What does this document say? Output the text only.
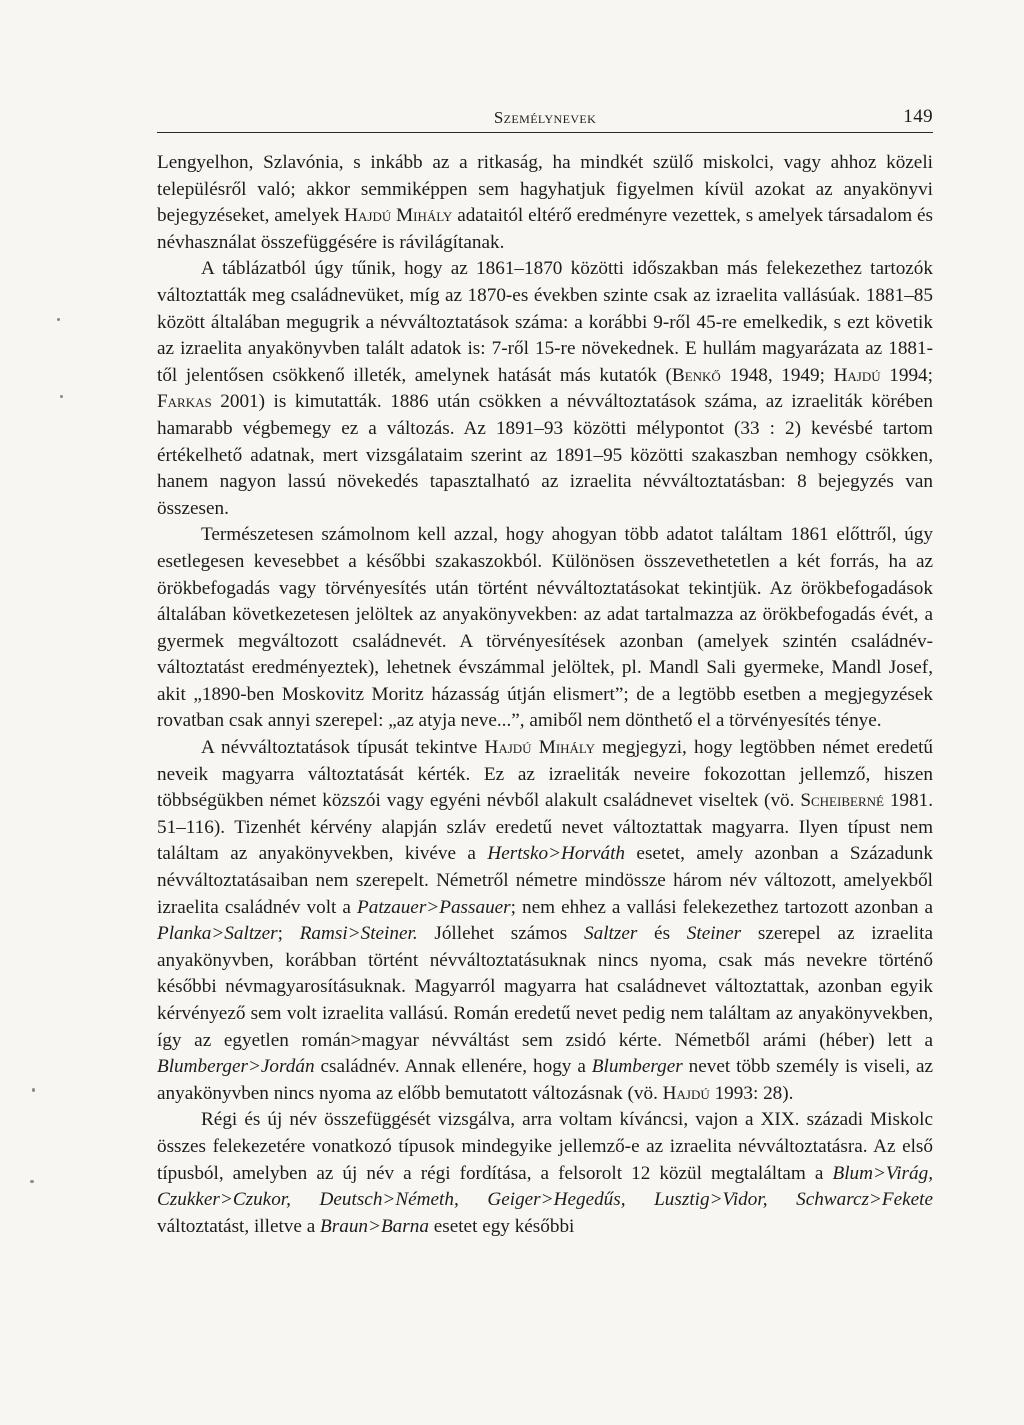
Személynevek	149

Lengyelhon, Szlavónia, s inkább az a ritkaság, ha mindkét szülő miskolci, vagy ahhoz közeli településről való; akkor semmiképpen sem hagyhatjuk figyelmen kívül azokat az anyakönyvi bejegyzéseket, amelyek Hajdú Mihály adataitól eltérő eredményre vezettek, s amelyek társadalom és névhasználat összefüggésére is rávilágítanak.

A táblázatból úgy tűnik, hogy az 1861–1870 közötti időszakban más felekezethez tartozók változtatták meg családnevüket, míg az 1870-es években szinte csak az izraelita vallásúak. 1881–85 között általában megugrik a névváltoztatások száma: a korábbi 9-ről 45-re emelkedik, s ezt követik az izraelita anyakönyvben talált adatok is: 7-ről 15-re növekednek. E hullám magyarázata az 1881-től jelentősen csökkenő illeték, amelynek hatását más kutatók (Benkő 1948, 1949; Hajdú 1994; Farkas 2001) is kimutatták. 1886 után csökken a névváltoztatások száma, az izraeliták körében hamarabb végbemegy ez a változás. Az 1891–93 közötti mélypontot (33 : 2) kevésbé tartom értékelhető adatnak, mert vizsgálataim szerint az 1891–95 közötti szakaszban nemhogy csökken, hanem nagyon lassú növekedés tapasztalható az izraelita névváltoztatásban: 8 bejegyzés van összesen.

Természetesen számolnom kell azzal, hogy ahogyan több adatot találtam 1861 előttről, úgy esetlegesen kevesebbet a későbbi szakaszokból. Különösen összevethetetlen a két forrás, ha az örökbefogadás vagy törvényesítés után történt névváltoztatásokat tekintjük. Az örökbefogadások általában következetesen jelöltek az anyakönyvekben: az adat tartalmazza az örökbefogadás évét, a gyermek megváltozott családnevét. A törvényesítések azonban (amelyek szintén családnév-változtatást eredményeztek), lehetnek évszámmal jelöltek, pl. Mandl Sali gyermeke, Mandl Josef, akit „1890-ben Moskovitz Moritz házasság útján elismert”; de a legtöbb esetben a megjegyzések rovatban csak annyi szerepel: „az atyja neve...”, amiből nem dönthető el a törvényesítés ténye.

A névváltoztatások típusát tekintve Hajdú Mihály megjegyzi, hogy legtöbben német eredetű neveik magyarra változtatását kérték. Ez az izraeliták neveire fokozottan jellemző, hiszen többségükben német közszói vagy egyéni névből alakult családnevet viseltek (vö. Scheiberné 1981. 51–116). Tizenhét kérvény alapján szláv eredetű nevet változtattak magyarra. Ilyen típust nem találtam az anyakönyvekben, kivéve a Hertsko>Horváth esetet, amely azonban a Századunk névváltoztatásaiban nem szerepelt. Németről németre mindössze három név változott, amelyekből izraelita családnév volt a Patzauer>Passauer; nem ehhez a vallási felekezethez tartozott azonban a Planka>Saltzer; Ramsi>Steiner. Jóllehet számos Saltzer és Steiner szerepel az izraelita anyakönyvben, korábban történt névváltoztatásuknak nincs nyoma, csak más nevekre történő későbbi névmagyarosításuknak. Magyarról magyarra hat családnevet változtattak, azonban egyik kérvényező sem volt izraelita vallású. Román eredetű nevet pedig nem találtam az anyakönyvekben, így az egyetlen román>magyar névváltást sem zsidó kérte. Németből arámi (héber) lett a Blumberger>Jordán családnév. Annak ellenére, hogy a Blumberger nevet több személy is viseli, az anyakönyvben nincs nyoma az előbb bemutatott változásnak (vö. Hajdú 1993: 28).

Régi és új név összefüggését vizsgálva, arra voltam kíváncsi, vajon a XIX. századi Miskolc összes felekezetére vonatkozó típusok mindegyike jellemző-e az izraelita névváltoztatásra. Az első típusból, amelyben az új név a régi fordítása, a felsorolt 12 közül megtaláltam a Blum>Virág, Czukker>Czukor, Deutsch>Németh, Geiger>Hegedűs, Lusztig>Vidor, Schwarcz>Fekete változtatást, illetve a Braun>Barna esetet egy későbbi
